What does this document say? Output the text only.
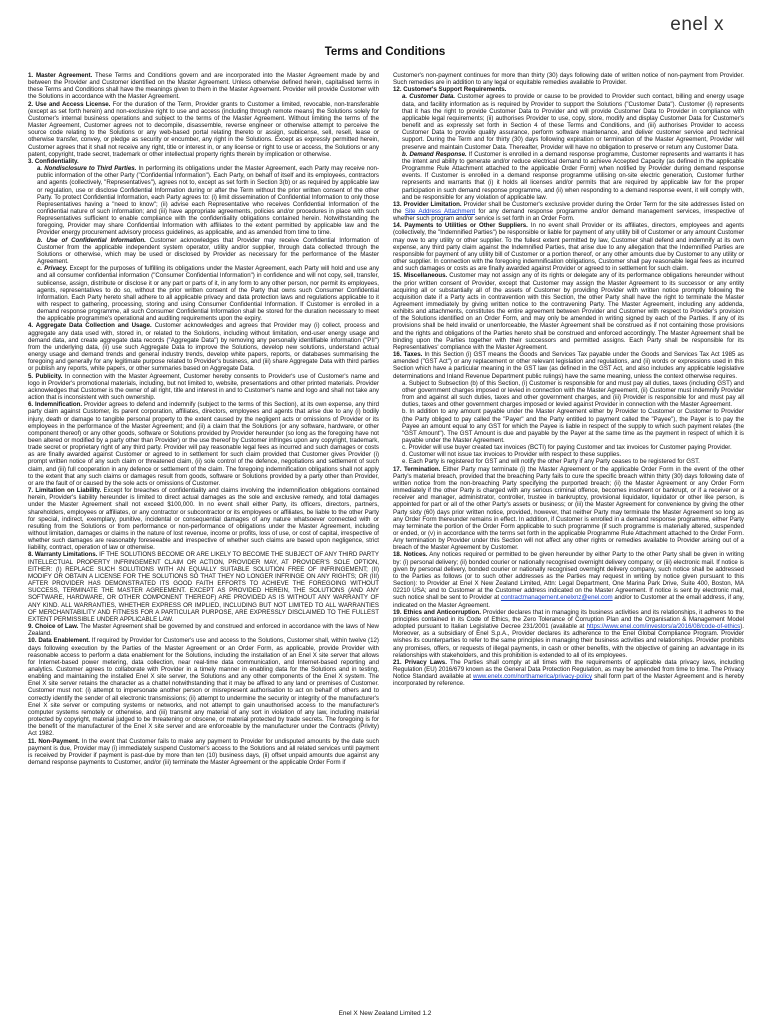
enel x
Terms and Conditions

1. Master Agreement. These Terms and Conditions govern and are incorporated into the Master Agreement made by and between the Provider and Customer identified on the Master Agreement. Unless otherwise defined herein, capitalised terms in these Terms and Conditions shall have the meanings given to them in the Master Agreement. Provider will provide Customer with the Solutions in accordance with the Master Agreement.

2. Use and Access License. For the duration of the Term, Provider grants to Customer a limited, revocable, non-transferable (except as set forth herein) and non-exclusive right to use and access (including through remote means) the Solutions solely for Customer's internal business operations and subject to the terms of the Master Agreement. Without limiting the terms of the Master Agreement, Customer agrees not to decompile, disassemble, reverse engineer or otherwise attempt to perceive the source code relating to the Solutions or any web-based portal relating thereto or assign, sublicense, sell, resell, lease or otherwise transfer, convey, or pledge as security or encumber, any right in the Solutions. Except as expressly permitted herein, Customer agrees that it shall not receive any right, title or interest in, or any license or right to use or access, the Solutions or any patent, copyright, trade secret, trademark or other intellectual property rights therein by implication or otherwise.

3. Confidentiality.

a. Nondisclosure to Third Parties. In performing its obligations under the Master Agreement, each Party may receive non-public information of the other Party ("Confidential Information"). Each Party, on behalf of itself and its employees, contractors and agents (collectively, "Representatives"), agrees not to, except as set forth in Section 3(b) or as required by applicable law or regulation, use or disclose Confidential Information during or after the Term without the prior written consent of the other Party. To protect Confidential Information, each Party agrees to: (i) limit dissemination of Confidential Information to only those Representatives having a "need to know"; (ii) advise each Representative who receives Confidential Information of the confidential nature of such information; and (iii) have appropriate agreements, policies and/or procedures in place with such Representatives sufficient to enable compliance with the confidentiality obligations contained herein. Notwithstanding the foregoing, Provider may share Confidential Information with affiliates to the extent permitted by applicable law and the Provider energy procurement advisory process guidelines, as applicable, and as amended from time to time.

b. Use of Confidential Information. Customer acknowledges that Provider may receive Confidential Information of Customer from the applicable independent system operator, utility and/or supplier, through data collected through the Solutions or otherwise, which may be used or disclosed by Provider as necessary for the performance of the Master Agreement.

c. Privacy. Except for the purposes of fulfilling its obligations under the Master Agreement, each Party will hold and use any and all consumer confidential information ("Consumer Confidential Information") in confidence and will not copy, sell, transfer, sublicense, assign, distribute or disclose it or any part or parts of it, in any form to any other person, nor permit its employees, agents, representatives to do so, without the prior written consent of the Party that owns such Consumer Confidential Information. Each Party hereto shall adhere to all applicable privacy and data protection laws and regulations applicable to it with respect to gathering, processing, storing and using Consumer Confidential Information. If Customer is enrolled in a demand response programme, all such Consumer Confidential Information shall be stored for the duration necessary to meet the applicable programme's operational and auditing requirements upon the expiry.

4. Aggregate Data Collection and Usage. Customer acknowledges and agrees that Provider may (i) collect, process and aggregate any data used with, stored in, or related to the Solutions, including without limitation, end-user energy usage and demand data, and create aggregate data records ("Aggregate Data") by removing any personally identifiable information ("PII") from the underlying data, (ii) use such Aggregate Data to improve the Solutions, develop new solutions, understand actual energy usage and demand trends and general industry trends, develop white papers, reports, or databases summarising the foregoing and generally for any legitimate purpose related to Provider's business, and (iii) share Aggregate Data with third parties or publish any reports, white papers, or other summaries based on Aggregate Data.

5. Publicity. In connection with the Master Agreement, Customer hereby consents to Provider's use of Customer's name and logo in Provider's promotional materials, including, but not limited to, website, presentations and other printed materials. Provider acknowledges that Customer is the owner of all right, title and interest in and to Customer's name and logo and shall not take any action that is inconsistent with such ownership.

6. Indemnification. Provider agrees to defend and indemnify (subject to the terms of this Section), at its own expense, any third party claim against Customer, its parent corporation, affiliates, directors, employees and agents that arise due to any (i) bodily injury, death or damage to tangible personal property to the extent caused by the negligent acts or omissions of Provider or its employees in the performance of the Master Agreement; and (ii) a claim that the Solutions (or any software, hardware, or other component thereof) or any other goods, software or Solutions provided by Provider hereunder (so long as the foregoing have not been altered or modified by a party other than Provider) or the use thereof by Customer infringes upon any copyright, trademark, trade secret or proprietary right of any third party. Provider will pay reasonable legal fees as incurred and such damages or costs as are finally awarded against Customer or agreed to in settlement for such claim provided that Customer gives Provider (i) prompt written notice of any such claim or threatened claim, (ii) sole control of the defence, negotiations and settlement of such claim, and (iii) full cooperation in any defence or settlement of the claim. The foregoing indemnification obligations shall not apply to the extent that any such claims or damages result from goods, software or Solutions provided by a party other than Provider, or are the fault of or caused by the sole acts or omissions of Customer.

7. Limitation on Liability. Except for breaches of confidentiality and claims involving the indemnification obligations contained herein, Provider's liability hereunder is limited to direct actual damages as the sole and exclusive remedy, and total damages under the Master Agreement shall not exceed $100,000. In no event shall either Party, its officers, directors, partners, shareholders, employees or affiliates, or any contractor or subcontractor or its employees or affiliates, be liable to the other Party for special, indirect, exemplary, punitive, incidental or consequential damages of any nature whatsoever connected with or resulting from the Solutions or from performance or non-performance of obligations under the Master Agreement, including without limitation, damages or claims in the nature of lost revenue, income or profits, loss of use, or cost of capital, irrespective of whether such damages are reasonably foreseeable and irrespective of whether such claims are based upon negligence, strict liability, contract, operation of law or otherwise.

8. Warranty Limitations. IF THE SOLUTIONS BECOME OR ARE LIKELY TO BECOME THE SUBJECT OF ANY THIRD PARTY INTELLECTUAL PROPERTY INFRINGEMENT CLAIM OR ACTION, PROVIDER MAY, AT PROVIDER'S SOLE OPTION, EITHER: (I) REPLACE SUCH SOLUTIONS WITH AN EQUALLY SUITABLE SOLUTION FREE OF INFRINGEMENT; (II) MODIFY OR OBTAIN A LICENSE FOR THE SOLUTIONS SO THAT THEY NO LONGER INFRINGE ON ANY RIGHTS; OR (III) AFTER PROVIDER HAS DEMONSTRATED ITS GOOD FAITH EFFORTS TO ACHIEVE THE FOREGOING WITHOUT SUCCESS, TERMINATE THE MASTER AGREEMENT. EXCEPT AS PROVIDED HEREIN, THE SOLUTIONS (AND ANY SOFTWARE, HARDWARE, OR OTHER COMPONENT THEREOF) ARE PROVIDED AS IS WITHOUT ANY WARRANTY OF ANY KIND. ALL WARRANTIES, WHETHER EXPRESS OR IMPLIED, INCLUDING BUT NOT LIMITED TO ALL WARRANTIES OF MERCHANTABILITY AND FITNESS FOR A PARTICULAR PURPOSE, ARE EXPRESSLY DISCLAIMED TO THE FULLEST EXTENT PERMISSIBLE UNDER APPLICABLE LAW.

9. Choice of Law. The Master Agreement shall be governed by and construed and enforced in accordance with the laws of New Zealand.

10. Data Enablement. If required by Provider for Customer's use and access to the Solutions, Customer shall, within twelve (12) days following execution by the Parties of the Master Agreement or an Order Form, as applicable, provide Provider with reasonable access to perform a data enablement for the Solutions, including the installation of an Enel X site server that allows for Internet-based power metering, data collection, near real-time data communication, and Internet-based reporting and analytics. Customer agrees to collaborate with Provider in a timely manner in enabling data for the Solutions and in testing, enabling and maintaining the installed Enel X site server, the Solutions and any other components of the Enel X system. The Enel X site server retains the character as a chattel notwithstanding that it may be affixed to any land or premises of Customer. Customer must not: (i) attempt to impersonate another person or misrepresent authorisation to act on behalf of others and to correctly identify the sender of all electronic transmissions; (ii) attempt to undermine the security or integrity of the manufacturer's Enel X site server or computing systems or networks, and not attempt to gain unauthorised access to the manufacturer's computer systems remotely or otherwise, and (iii) transmit any material of any sort in violation of any law, including material protected by copyright, material judged to be threatening or obscene, or material protected by trade secrets. The foregoing is for the benefit of the manufacturer of the Enel X site server and are enforceable by the manufacturer under the Contracts (Privity) Act 1982.

11. Non-Payment. In the event that Customer fails to make any payment to Provider for undisputed amounts by the date such payment is due, Provider may (i) immediately suspend Customer's access to the Solutions and all related services until payment is received by Provider if payment is past-due by more than ten (10) business days, (ii) offset unpaid amounts due against any demand response payments to Customer, and/or (iii) terminate the Master Agreement or the applicable Order Form if

Customer's non-payment continues for more than thirty (30) days following date of written notice of non-payment from Provider. Such remedies are in addition to any legal or equitable remedies available to Provider.

12. Customer's Support Requirements.

a. Customer Data. Customer agrees to provide or cause to be provided to Provider such contact, billing and energy usage data, and facility information as is required by Provider to support the Solutions ("Customer Data"). Customer (i) represents that it has the right to provide Customer Data to Provider and will provide Customer Data to Provider in compliance with applicable legal requirements; (ii) authorises Provider to use, copy, store, modify and display Customer Data for Customer's benefit and as expressly set forth in Section 4 of these Terms and Conditions, and (iii) authorises Provider to access Customer Data to provide quality assurance, perform software maintenance, and deliver customer service and technical support. During the Term and for thirty (30) days following expiration or termination of the Master Agreement, Provider will preserve and maintain Customer Data. Thereafter, Provider will have no obligation to preserve or return any Customer Data.

b. Demand Response. If Customer is enrolled in a demand response programme, Customer represents and warrants it has the intent and ability to generate and/or reduce electrical demand to achieve Accepted Capacity (as defined in the applicable Programme Rule Attachment attached to the applicable Order Form) when notified by Provider during demand response events. If Customer is enrolled in a demand response programme utilising on-site electric generation, Customer further represents and warrants that (i) it holds all licenses and/or permits that are required by applicable law for the proper participation in such demand response programme, and (ii) when responding to a demand response event, it will comply with, and be responsible for any violation of applicable law.

13. Provider Limitation. Provider shall be Customer's exclusive provider during the Order Term for the site addresses listed on the Site Address Attachment for any demand response programme and/or demand management services, irrespective of whether such program and/or service is set forth in an Order Form.

14. Payments to Utilities or Other Suppliers. In no event shall Provider or its affiliates, directors, employees and agents (collectively, the "Indemnified Parties") be responsible or liable for payment of any utility bill of Customer or any amount Customer may owe to any utility or other supplier. To the fullest extent permitted by law, Customer shall defend and indemnify at its own expense, any third party claim against the Indemnified Parties, that arise due to any allegation that the Indemnified Parties are responsible for payment of any utility bill of Customer or a portion thereof, or any other amounts due by Customer to any utility or other supplier. In connection with the foregoing indemnification obligations, Customer shall pay reasonable legal fees as incurred and such damages or costs as are finally awarded against Provider or agreed to in settlement for such claim.

15. Miscellaneous. Customer may not assign any of its rights or delegate any of its performance obligations hereunder without the prior written consent of Provider, except that Customer may assign the Master Agreement to its successor or any entity acquiring all or substantially all of the assets of Customer by providing Provider with written notice promptly following the acquisition date if a Party acts in contravention with this Section, the other Party shall have the right to terminate the Master Agreement immediately by giving written notice to the contravening Party. The Master Agreement, including any addenda, exhibits and attachments, constitutes the entire agreement between Provider and Customer with respect to Provider's provision of the Solutions identified on an Order Form, and may only be amended in writing signed by each of the Parties. If any of its provisions shall be held invalid or unenforceable, the Master Agreement shall be construed as if not containing those provisions and the rights and obligations of the Parties hereto shall be construed and enforced accordingly. The Master Agreement shall be binding upon the Parties together with their successors and permitted assigns. Each Party shall be responsible for its Representatives' compliance with the Master Agreement.

16. Taxes. In this Section (i) GST means the Goods and Services Tax payable under the Goods and Services Tax Act 1985 as amended ("GST Act") or any replacement or other relevant legislation and regulations, and (ii) words or expressions used in this Section which have a particular meaning in the GST law (as defined in the GST Act, and also includes any applicable legislative determinations and Inland Revenue Department public rulings) have the same meaning, unless the context otherwise requires.

a. Subject to Subsection (b) of this Section, (i) Customer is responsible for and must pay all duties, taxes (including GST) and other government charges imposed or levied in connection with the Master Agreement, (ii) Customer must indemnify Provider from and against all such duties, taxes and other government charges, and (iii) Provider is responsible for and must pay all duties, taxes and other government charges imposed or levied against Provider in connection with the Master Agreement.

b. In addition to any amount payable under the Master Agreement either by Provider to Customer or Customer to Provider (the Party obliged to pay called the "Payer" and the Party entitled to payment called the "Payee"), the Payer is to pay the Payee an amount equal to any GST for which the Payee is liable in respect of the supply to which such payment relates (the "GST Amount"). The GST Amount is due and payable by the Payer at the same time as the payment in respect of which it is payable under the Master Agreement.

c. Provider will use buyer created tax invoices (BCTI) for paying Customer and tax invoices for Customer paying Provider.

d. Customer will not issue tax invoices to Provider with respect to these supplies.

e. Each Party is registered for GST and will notify the other Party if any Party ceases to be registered for GST.

17. Termination. Either Party may terminate (i) the Master Agreement or the applicable Order Form in the event of the other Party's material breach, provided that the breaching Party fails to cure the specific breach within thirty (30) days following date of written notice from the non-breaching Party specifying the purported breach; (ii) the Master Agreement or any Order Form immediately if the other Party is charged with any serious criminal offence, becomes insolvent or bankrupt, or if a receiver or a receiver and manager, administrator, controller, trustee in bankruptcy, provisional liquidator, liquidator or other like person, is appointed for part or all of the other Party's assets or business; or (iii) the Master Agreement for convenience by giving the other Party sixty (60) days prior written notice, provided, however, that neither Party may terminate the Master Agreement so long as any Order Form thereunder remains in effect. In addition, if Customer is enrolled in a demand response programme, either Party may terminate the portion of the Order Form applicable to such programme (if such programme is materially altered, suspended or ended, or (v) in accordance with the terms set forth in the applicable Programme Rule Attachment attached to the Order Form. Any termination by Provider under this Section will not affect any other rights or remedies available to Provider arising out of a breach of the Master Agreement by Customer.

18. Notices. Any notices required or permitted to be given hereunder by either Party to the other Party shall be given in writing by: (i) personal delivery; (ii) bonded courier or nationally recognised overnight delivery company; or (iii) electronic mail. If notice is given by personal delivery, bonded courier or nationally recognised overnight delivery company, such notice shall be addressed to the Parties as follows (or to such other addresses as the Parties may request in writing by notice given pursuant to this Section): to Provider at Enel X New Zealand Limited, Attn: Legal Department, One Marina Park Drive, Suite 400, Boston, MA 02210 USA; and to Customer at the Customer address indicated on the Master Agreement. If notice is sent by electronic mail, such notice shall be sent to Provider at contractmanagement.enelxnz@enel.com and/or to Customer at the email address, if any, indicated on the Master Agreement.

19. Ethics and Anticorruption. Provider declares that in managing its business activities and its relationships, it adheres to the principles contained in its Code of Ethics, the Zero Tolerance of Corruption Plan and the Organisation & Management Model adopted pursuant to Italian Legislative Decree 231/2001 (available at https://www.enel.com/investors/a/2016/08/code-of-ethics). Moreover, as a subsidiary of Enel S.p.A., Provider declares its adherence to the Enel Global Compliance Program. Provider wishes its counterparties to refer to the same principles in managing their business activities and relationships. Provider prohibits any promises, offers, or requests of illegal payments, in cash or other benefits, with the objective of gaining an advantage in its relationships with stakeholders, and this prohibition is extended to all of its employees.

21. Privacy Laws. The Parties shall comply at all times with the requirements of applicable data privacy laws, including Regulation (EU) 2016/679 known as the General Data Protection Regulation, as may be amended from time to time. The Privacy Notice Standard available at www.enelx.com/northamerica/privacy-policy shall form part of the Master Agreement and is hereby incorporated by reference.

Enel X New Zealand Limited 1.2
